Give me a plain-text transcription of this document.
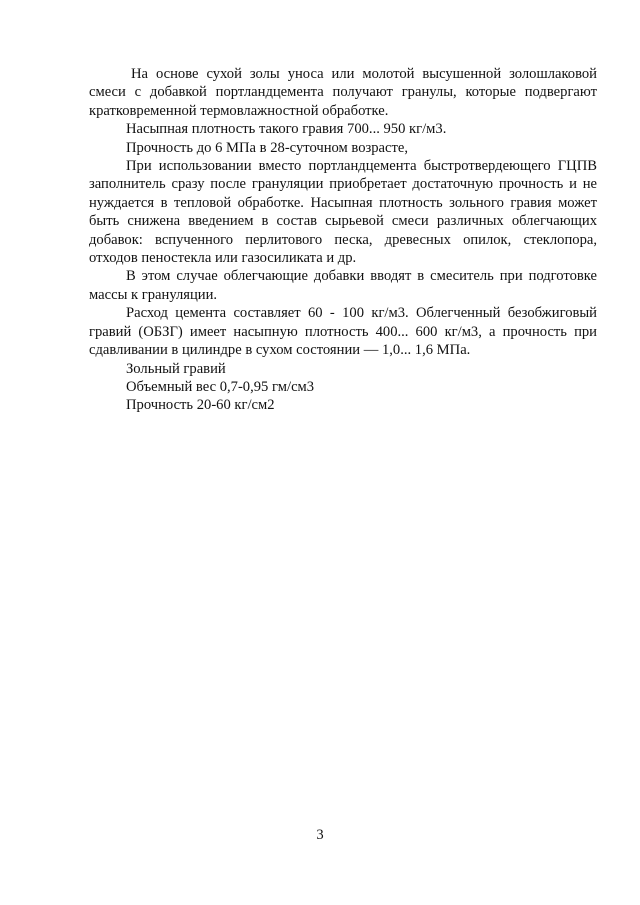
На основе сухой золы уноса или молотой высушенной золошлаковой смеси с добавкой портландцемента получают гранулы, которые подвергают кратковременной термовлажностной обработке.

Насыпная плотность такого гравия 700... 950 кг/м3.

Прочность до 6 МПа в 28-суточном возрасте,

При использовании вместо портландцемента быстротвердеющего ГЦПВ заполнитель сразу после грануляции приобретает достаточную прочность и не нуждается в тепловой обработке. Насыпная плотность зольного гравия может быть снижена введением в состав сырьевой смеси различных облегчающих добавок: вспученного перлитового песка, древесных опилок, стеклопора, отходов пеностекла или газосиликата и др.

В этом случае облегчающие добавки вводят в смеситель при подготовке массы к грануляции.

Расход цемента составляет 60 - 100 кг/м3. Облегченный безобжиговый гравий (ОБЗГ) имеет насыпную плотность 400... 600 кг/м3, а прочность при сдавливании в цилиндре в сухом состоянии — 1,0... 1,6 МПа.

Зольный гравий

Объемный вес 0,7-0,95 гм/см3

Прочность 20-60 кг/см2

3
